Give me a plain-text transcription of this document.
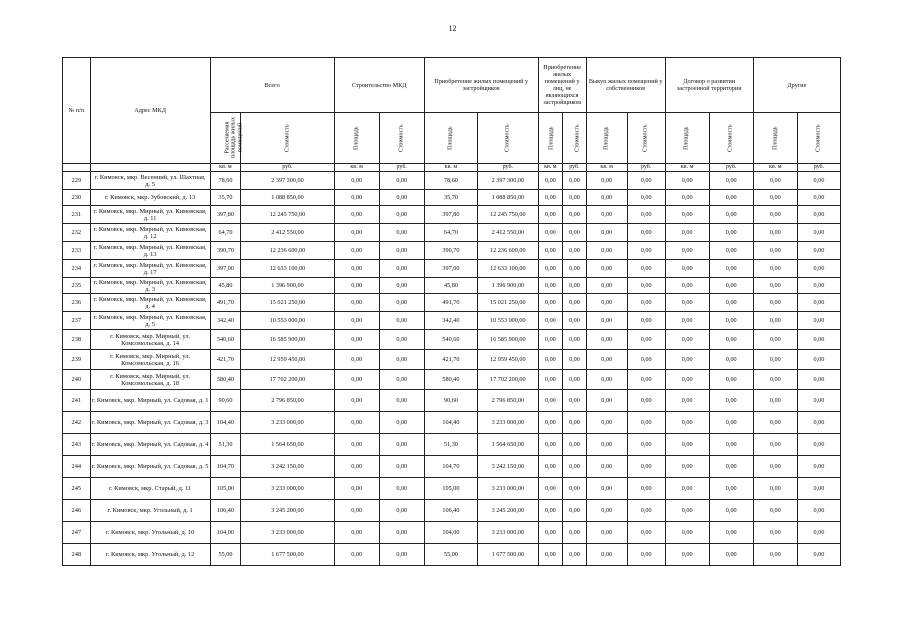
12
№ п/п	Адрес МКД	Всего		Строительство МКД		Приобретение жилых помещений у застройщиков		Приобретение жилых помещений у лиц, не являющихся застройщиком		Выкуп жилых помещений у собственников		Договор о развитии застроенной территории		Другие	
		Расселяемая площадь жилых помещений	Стоимость	Площадь	Стоимость	Площадь	Стоимость	Площадь	Стоимость	Площадь	Стоимость	Площадь	Стоимость	Площадь	Стоимость
		кв. м	руб.	кв. м	руб.	кв. м	руб.	кв. м	руб.	кв. м	руб.	кв. м	руб.	кв. м	руб.
229	г. Кимовск, мкр. Весенний, ул. Шахтная, д. 5	78,60	2 397 300,00	0,00	0,00	78,60	2 397 300,00	0,00	0,00	0,00	0,00	0,00	0,00	0,00	0,00
230	г. Кимовск, мкр. Зубовский, д. 13	35,70	1 088 850,00	0,00	0,00	35,70	1 088 850,00	0,00	0,00	0,00	0,00	0,00	0,00	0,00	0,00
231	г. Кимовск, мкр. Мирный, ул. Кимовская, д. 11	397,80	12 245 750,00	0,00	0,00	397,80	12 245 750,00	0,00	0,00	0,00	0,00	0,00	0,00	0,00	0,00
232	г. Кимовск, мкр. Мирный, ул. Кимовская, д. 12	64,70	2 412 550,00	0,00	0,00	64,70	2 412 550,00	0,00	0,00	0,00	0,00	0,00	0,00	0,00	0,00
233	г. Кимовск, мкр. Мирный, ул. Кимовская, д. 13	390,70	12 236 600,00	0,00	0,00	390,70	12 236 600,00	0,00	0,00	0,00	0,00	0,00	0,00	0,00	0,00
234	г. Кимовск, мкр. Мирный, ул. Кимовская, д. 17	397,00	12 633 100,00	0,00	0,00	397,00	12 633 100,00	0,00	0,00	0,00	0,00	0,00	0,00	0,00	0,00
235	г. Кимовск, мкр. Мирный, ул. Кимовская, д. 3	45,80	1 396 900,00	0,00	0,00	45,80	1 396 900,00	0,00	0,00	0,00	0,00	0,00	0,00	0,00	0,00
236	г. Кимовск, мкр. Мирный, ул. Кимовская, д. 4	491,70	15 021 250,00	0,00	0,00	491,70	15 021 250,00	0,00	0,00	0,00	0,00	0,00	0,00	0,00	0,00
237	г. Кимовск, мкр. Мирный, ул. Кимовская, д. 5	342,40	10 553 000,00	0,00	0,00	342,40	10 553 000,00	0,00	0,00	0,00	0,00	0,00	0,00	0,00	0,00
238	г. Кимовск, мкр. Мирный, ул. Комсомольская, д. 14	540,60	16 585 900,00	0,00	0,00	540,60	16 585 900,00	0,00	0,00	0,00	0,00	0,00	0,00	0,00	0,00
239	г. Кимовск, мкр. Мирный, ул. Комсомольская, д. 16	421,70	12 959 450,00	0,00	0,00	421,70	12 959 450,00	0,00	0,00	0,00	0,00	0,00	0,00	0,00	0,00
240	г. Кимовск, мкр. Мирный, ул. Комсомольская, д. 18	580,40	17 702 200,00	0,00	0,00	580,40	17 702 200,00	0,00	0,00	0,00	0,00	0,00	0,00	0,00	0,00
241	г. Кимовск, мкр. Мирный, ул. Садовая, д. 1	90,60	2 796 850,00	0,00	0,00	90,60	2 796 850,00	0,00	0,00	0,00	0,00	0,00	0,00	0,00	0,00
242	г. Кимовск, мкр. Мирный, ул. Садовая, д. 3	104,40	3 233 000,00	0,00	0,00	104,40	3 233 000,00	0,00	0,00	0,00	0,00	0,00	0,00	0,00	0,00
243	г. Кимовск, мкр. Мирный, ул. Садовая, д. 4	51,30	1 564 650,00	0,00	0,00	51,30	1 564 650,00	0,00	0,00	0,00	0,00	0,00	0,00	0,00	0,00
244	г. Кимовск, мкр. Мирный, ул. Садовая, д. 5	104,70	3 242 150,00	0,00	0,00	104,70	3 242 150,00	0,00	0,00	0,00	0,00	0,00	0,00	0,00	0,00
245	г. Кимовск, мкр. Старый, д. 11	105,00	3 233 000,00	0,00	0,00	105,00	3 233 000,00	0,00	0,00	0,00	0,00	0,00	0,00	0,00	0,00
246	г. Кимовск, мкр. Угольный, д. 1	106,40	3 245 200,00	0,00	0,00	106,40	3 245 200,00	0,00	0,00	0,00	0,00	0,00	0,00	0,00	0,00
247	г. Кимовск, мкр. Угольный, д. 10	104,00	3 233 000,00	0,00	0,00	104,00	3 233 000,00	0,00	0,00	0,00	0,00	0,00	0,00	0,00	0,00
248	г. Кимовск, мкр. Угольный, д. 12	55,00	1 677 500,00	0,00	0,00	55,00	1 677 500,00	0,00	0,00	0,00	0,00	0,00	0,00	0,00	0,00
